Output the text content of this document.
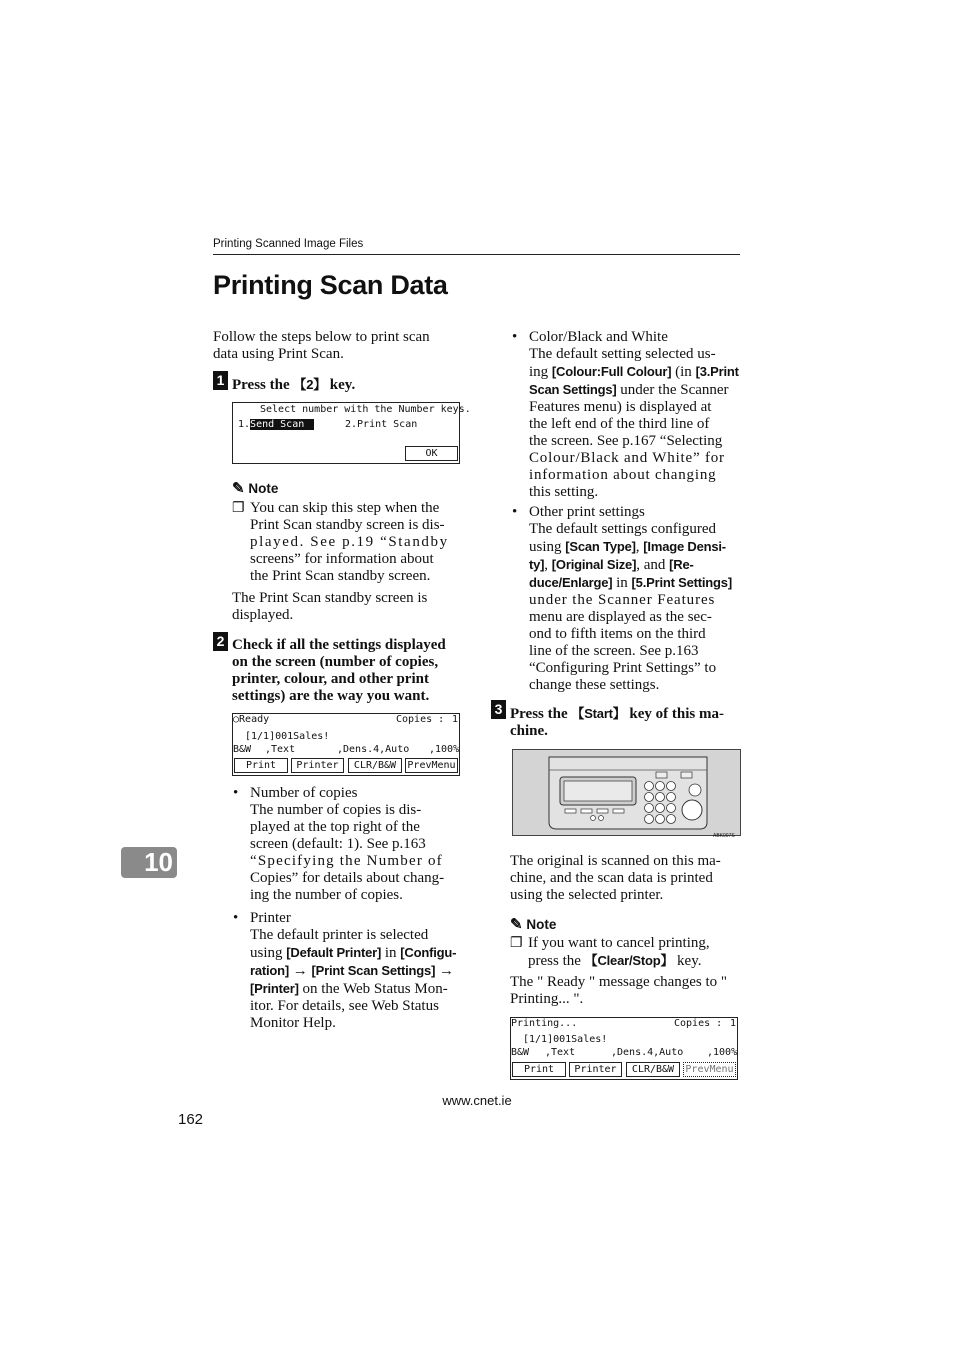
Printing Scanned Image Files
Printing Scan Data
Follow the steps below to print scan
data using Print Scan.
1 Press the 【2】 key.
Select number with the Number keys.
1.Send Scan	2.Print Scan
OK
✎ Note
❐ You can skip this step when the
Print Scan standby screen is dis-
played. See p.19 “Standby
screens” for information about
the Print Scan standby screen.
The Print Scan standby screen is
displayed.
2 Check if all the settings displayed
on the screen (number of copies,
printer, colour, and other print
settings) are the way you want.
○Ready	Copies : 1
[1/1]001Sales!
B&W ,Text	,Dens.4,Auto ,100%
Print	Printer	CLR/B&W	PrevMenu
• Number of copies
The number of copies is dis-
played at the top right of the
screen (default: 1). See p.163
“Specifying the Number of
Copies” for details about chang-
ing the number of copies.
• Printer
The default printer is selected
using [Default Printer] in [Configu-
ration] → [Print Scan Settings] →
[Printer] on the Web Status Mon-
itor. For details, see Web Status
Monitor Help.
• Color/Black and White
The default setting selected us-
ing [Colour:Full Colour] (in [3.Print
Scan Settings] under the Scanner
Features menu) is displayed at
the left end of the third line of
the screen. See p.167 “Selecting
Colour/Black and White” for
information about changing
this setting.
• Other print settings
The default settings configured
using [Scan Type], [Image Densi-
ty], [Original Size], and [Re-
duce/Enlarge] in [5.Print Settings]
under the Scanner Features
menu are displayed as the sec-
ond to fifth items on the third
line of the screen. See p.163
“Configuring Print Settings” to
change these settings.
3 Press the 【Start】 key of this ma-
chine.
ABK007S
The original is scanned on this ma-
chine, and the scan data is printed
using the selected printer.
✎ Note
❐ If you want to cancel printing,
press the 【Clear/Stop】 key.
The " Ready " message changes to "
Printing... ".
Printing...	Copies : 1
[1/1]001Sales!
B&W ,Text	,Dens.4,Auto ,100%
Print	Printer	CLR/B&W	PrevMenu
10
www.cnet.ie
162
